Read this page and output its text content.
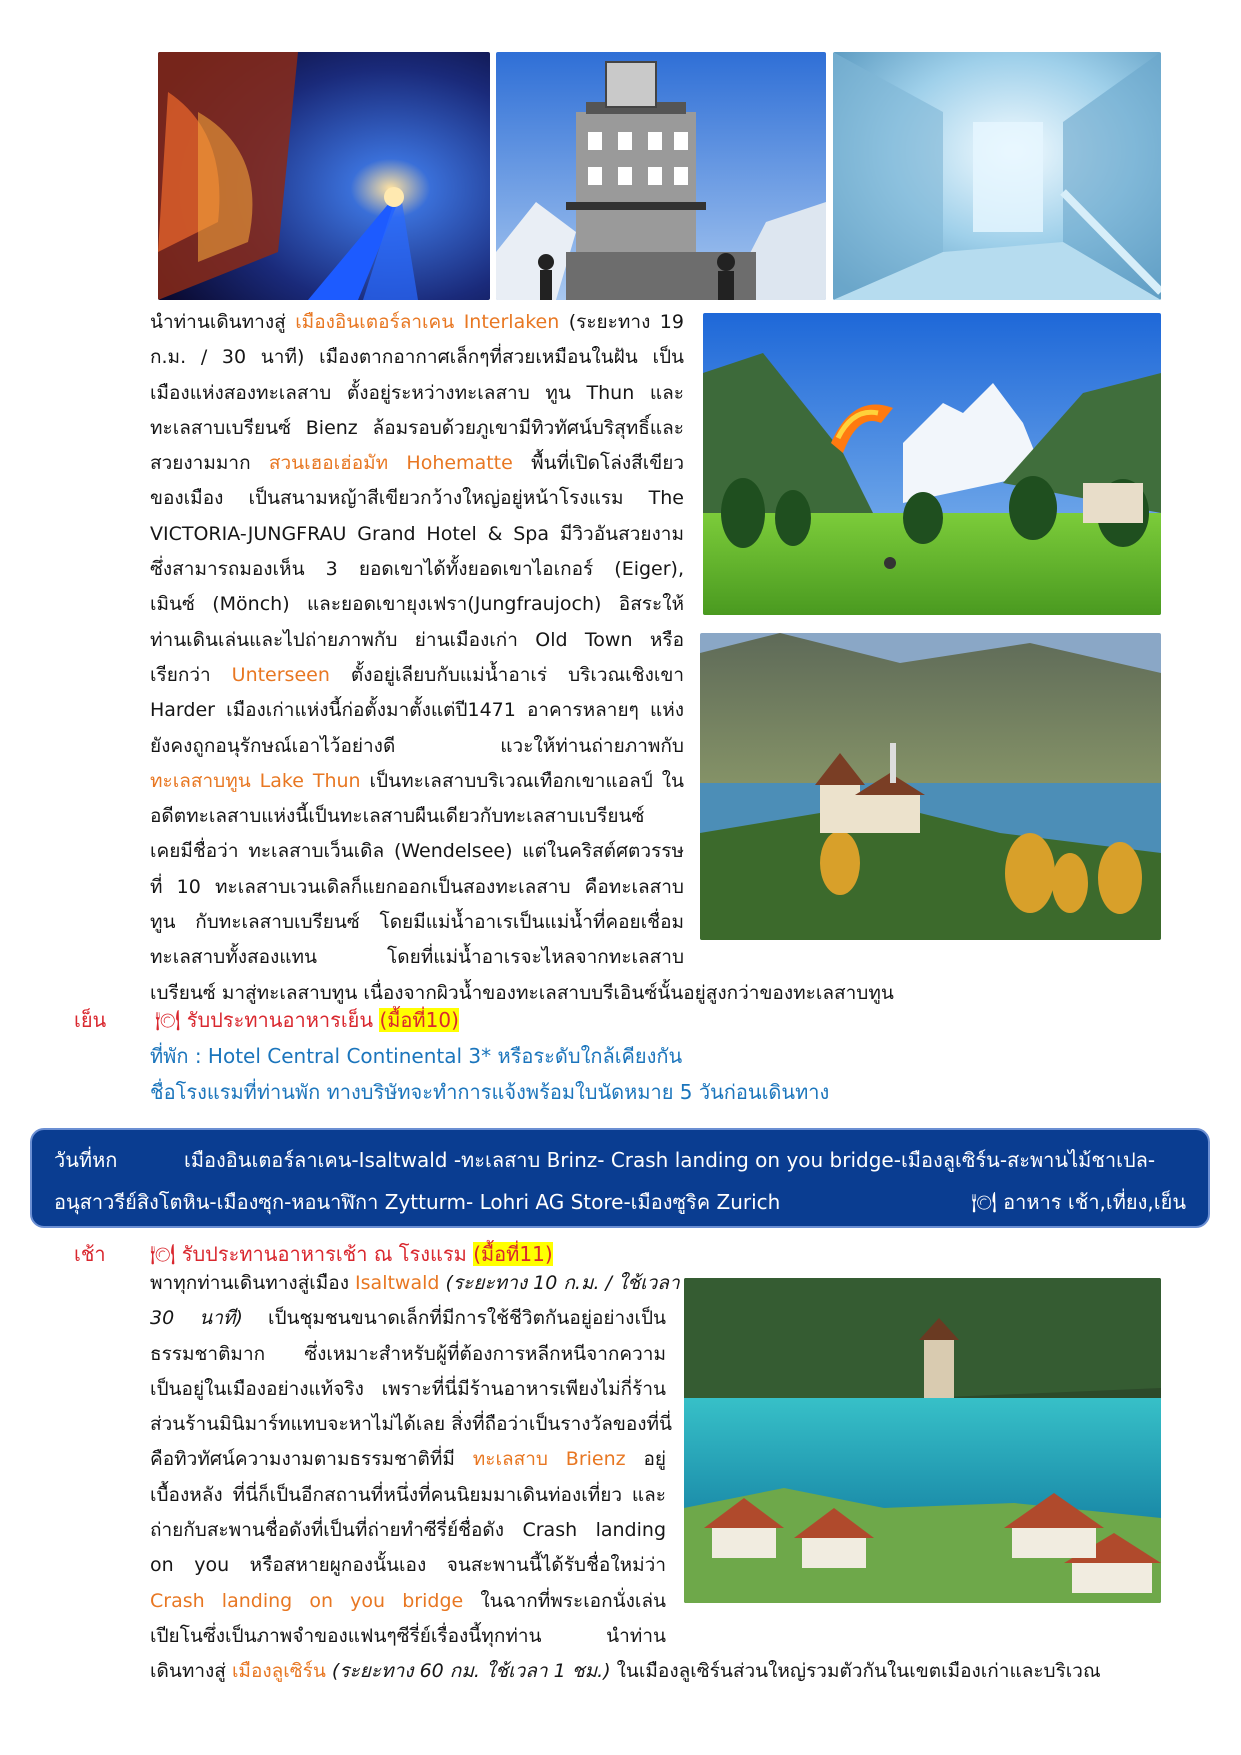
นำท่านเดินทางสู่ เมืองอินเตอร์ลาเคน Interlaken (ระยะทาง 19
ก.ม. / 30 นาที) เมืองตากอากาศเล็กๆที่สวยเหมือนในฝัน เป็น
เมืองแห่งสองทะเลสาบ ตั้งอยู่ระหว่างทะเลสาบ ทูน Thun และ
ทะเลสาบเบรียนซ์ Bienz ล้อมรอบด้วยภูเขามีทิวทัศน์บริสุทธิ์และ
สวยงามมาก สวนเฮอเฮ่อมัท Hohematte พื้นที่เปิดโล่งสีเขียว
ของเมือง เป็นสนามหญ้าสีเขียวกว้างใหญ่อยู่หน้าโรงแรม The
VICTORIA-JUNGFRAU Grand Hotel & Spa มีวิวอันสวยงาม
ซึ่งสามารถมองเห็น 3 ยอดเขาได้ทั้งยอดเขาไอเกอร์ (Eiger),
เมินซ์ (Mönch) และยอดเขายุงเฟรา(Jungfraujoch) อิสระให้
ท่านเดินเล่นและไปถ่ายภาพกับ ย่านเมืองเก่า Old Town หรือ
เรียกว่า Unterseen ตั้งอยู่เลียบกับแม่น้ำอาเร่ บริเวณเชิงเขา
Harder เมืองเก่าแห่งนี้ก่อตั้งมาตั้งแต่ปี1471 อาคารหลายๆ แห่ง
ยังคงถูกอนุรักษณ์เอาไว้อย่างดี แวะให้ท่านถ่ายภาพกับ
ทะเลสาบทูน Lake Thun เป็นทะเลสาบบริเวณเทือกเขาแอลป์ ใน
อดีตทะเลสาบแห่งนี้เป็นทะเลสาบผืนเดียวกับทะเลสาบเบรียนซ์
เคยมีชื่อว่า ทะเลสาบเว็นเดิล (Wendelsee) แต่ในคริสต์ศตวรรษ
ที่ 10 ทะเลสาบเวนเดิลก็แยกออกเป็นสองทะเลสาบ คือทะเลสาบ
ทูน กับทะเลสาบเบรียนซ์ โดยมีแม่น้ำอาเรเป็นแม่น้ำที่คอยเชื่อม
ทะเลสาบทั้งสองแทน โดยที่แม่น้ำอาเรจะไหลจากทะเลสาบ
เบรียนซ์ มาสู่ทะเลสาบทูน เนื่องจากผิวน้ำของทะเลสาบบรีเอินซ์นั้นอยู่สูงกว่าของทะเลสาบทูน
เย็น 🍽 รับประทานอาหารเย็น (มื้อที่10)
ที่พัก : Hotel Central Continental 3* หรือระดับใกล้เคียงกัน
ชื่อโรงแรมที่ท่านพัก ทางบริษัทจะทำการแจ้งพร้อมใบนัดหมาย 5 วันก่อนเดินทาง
วันที่หก	เมืองอินเตอร์ลาเคน-Isaltwald -ทะเลสาบ Brinz- Crash landing on you bridge-เมืองลูเซิร์น-สะพานไม้ชาเปล-
อนุสาวรีย์สิงโตหิน-เมืองซุก-หอนาฬิกา Zytturm- Lohri AG Store-เมืองซูริค Zurich	🍽 อาหาร เช้า,เที่ยง,เย็น
เช้า 🍽 รับประทานอาหารเช้า ณ โรงแรม (มื้อที่11)
พาทุกท่านเดินทางสู่เมือง Isaltwald (ระยะทาง 10 ก.ม. / ใช้เวลา
30 นาที) เป็นชุมชนขนาดเล็กที่มีการใช้ชีวิตกันอยู่อย่างเป็น
ธรรมชาติมาก ซึ่งเหมาะสำหรับผู้ที่ต้องการหลีกหนีจากความ
เป็นอยู่ในเมืองอย่างแท้จริง เพราะที่นี่มีร้านอาหารเพียงไม่กี่ร้าน
ส่วนร้านมินิมาร์ทแทบจะหาไม่ได้เลย สิ่งที่ถือว่าเป็นรางวัลของที่นี่
คือทิวทัศน์ความงามตามธรรมชาติที่มี ทะเลสาบ Brienz อยู่
เบื้องหลัง ที่นี่ก็เป็นอีกสถานที่หนึ่งที่คนนิยมมาเดินท่องเที่ยว และ
ถ่ายกับสะพานชื่อดังที่เป็นที่ถ่ายทำซีรี่ย์ชื่อดัง Crash landing
on you หรือสหายผูกองนั้นเอง จนสะพานนี้ได้รับชื่อใหม่ว่า
Crash landing on you bridge ในฉากที่พระเอกนั่งเล่น
เปียโนซึ่งเป็นภาพจำของแฟนๆซีรี่ย์เรื่องนี้ทุกท่าน นำท่าน
เดินทางสู่ เมืองลูเซิร์น (ระยะทาง 60 กม. ใช้เวลา 1 ชม.) ในเมืองลูเซิร์นส่วนใหญ่รวมตัวกันในเขตเมืองเก่าและบริเวณ
